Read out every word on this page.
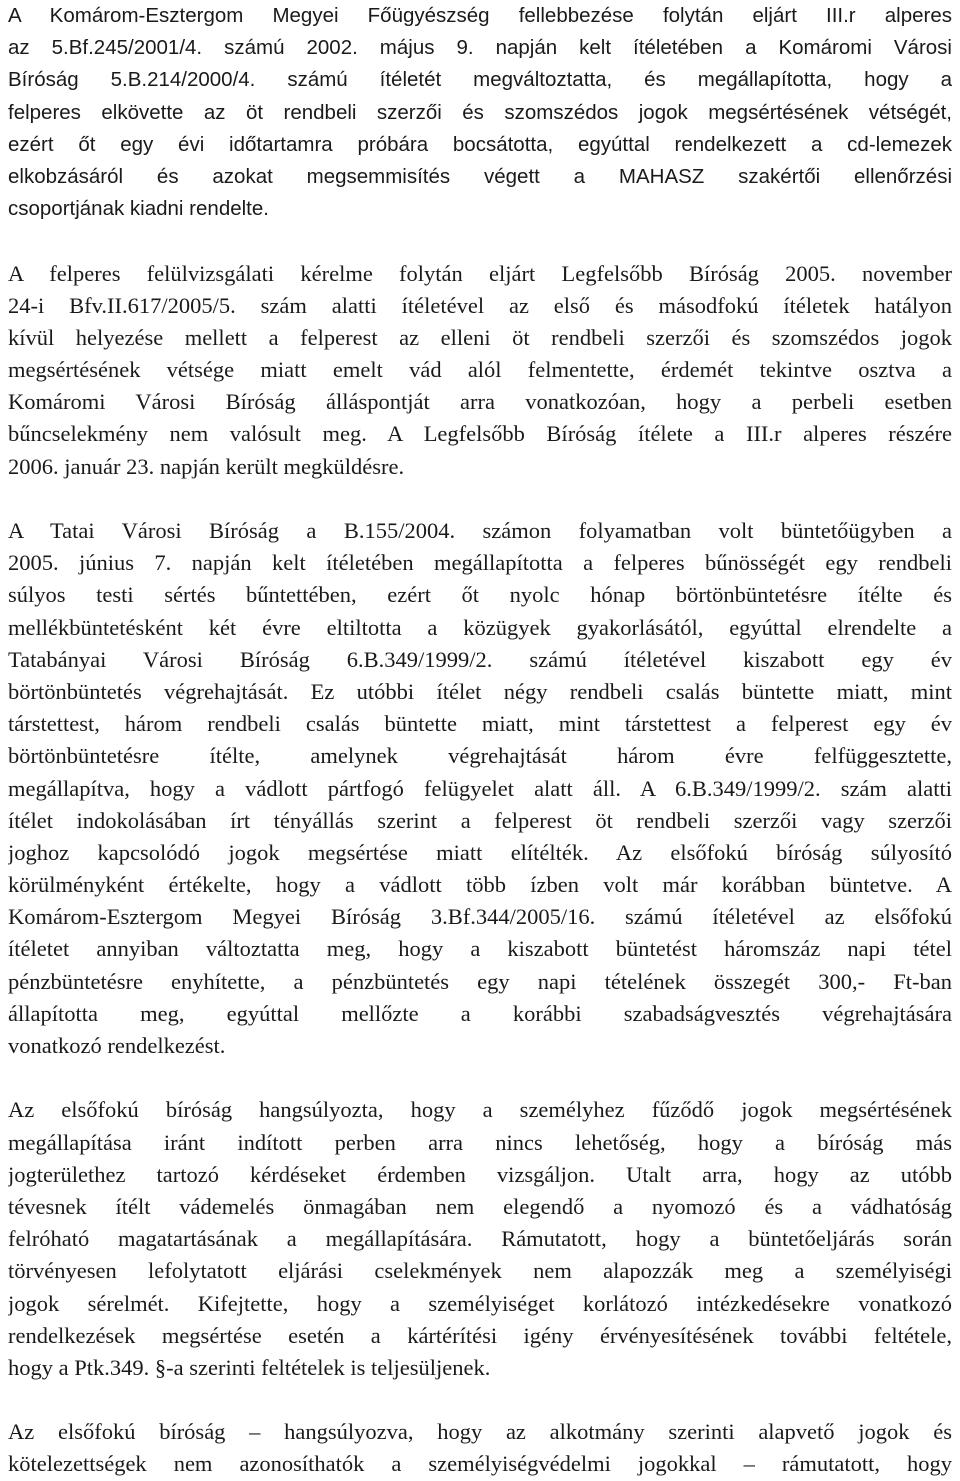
A Komárom-Esztergom Megyei Főügyészség fellebbezése folytán eljárt III.r alperes
az 5.Bf.245/2001/4. számú 2002. május 9. napján kelt ítéletében a Komáromi Városi
Bíróság 5.B.214/2000/4. számú ítéletét megváltoztatta, és megállapította, hogy a
felperes elkövette az öt rendbeli szerzői és szomszédos jogok megsértésének vétségét,
ezért őt egy évi időtartamra próbára bocsátotta, egyúttal rendelkezett a cd-lemezek
elkobzásáról és azokat megsemmisítés végett a MAHASZ szakértői ellenőrzési
csoportjának kiadni rendelte.
A felperes felülvizsgálati kérelme folytán eljárt Legfelsőbb Bíróság 2005. november
24-i Bfv.II.617/2005/5. szám alatti ítéletével az első és másodfokú ítéletek hatályon
kívül helyezése mellett a felperest az elleni öt rendbeli szerzői és szomszédos jogok
megsértésének vétsége miatt emelt vád alól felmentette, érdemét tekintve osztva a
Komáromi Városi Bíróság álláspontját arra vonatkozóan, hogy a perbeli esetben
bűncselekmény nem valósult meg. A Legfelsőbb Bíróság ítélete a III.r alperes részére
2006. január 23. napján került megküldésre.
A Tatai Városi Bíróság a B.155/2004. számon folyamatban volt büntetőügyben a
2005. június 7. napján kelt ítéletében megállapította a felperes bűnösségét egy rendbeli
súlyos testi sértés bűntettében, ezért őt nyolc hónap börtönbüntetésre ítélte és
mellékbüntetésként két évre eltiltotta a közügyek gyakorlásától, egyúttal elrendelte a
Tatabányai Városi Bíróság 6.B.349/1999/2. számú ítéletével kiszabott egy év
börtönbüntetés végrehajtását. Ez utóbbi ítélet négy rendbeli csalás büntette miatt, mint
társtettest, három rendbeli csalás büntette miatt, mint társtettest a felperest egy év
börtönbüntetésre ítélte, amelynek végrehajtását három évre felfüggesztette,
megállapítva, hogy a vádlott pártfogó felügyelet alatt áll. A 6.B.349/1999/2. szám alatti
ítélet indokolásában írt tényállás szerint a felperest öt rendbeli szerzői vagy szerzői
joghoz kapcsolódó jogok megsértése miatt elítélték. Az elsőfokú bíróság súlyosító
körülményként értékelte, hogy a vádlott több ízben volt már korábban büntetve. A
Komárom-Esztergom Megyei Bíróság 3.Bf.344/2005/16. számú ítéletével az elsőfokú
ítéletet annyiban változtatta meg, hogy a kiszabott büntetést háromszáz napi tétel
pénzbüntetésre enyhítette, a pénzbüntetés egy napi tételének összegét 300,- Ft-ban
állapította meg, egyúttal mellőzte a korábbi szabadságvesztés végrehajtására
vonatkozó rendelkezést.
Az elsőfokú bíróság hangsúlyozta, hogy a személyhez fűződő jogok megsértésének
megállapítása iránt indított perben arra nincs lehetőség, hogy a bíróság más
jogterülethez tartozó kérdéseket érdemben vizsgáljon. Utalt arra, hogy az utóbb
tévesnek ítélt vádemelés önmagában nem elegendő a nyomozó és a vádhatóság
felróható magatartásának a megállapítására. Rámutatott, hogy a büntetőeljárás során
törvényesen lefolytatott eljárási cselekmények nem alapozzák meg a személyiségi
jogok sérelmét. Kifejtette, hogy a személyiséget korlátozó intézkedésekre vonatkozó
rendelkezések megsértése esetén a kártérítési igény érvényesítésének további feltétele,
hogy a Ptk.349. §-a szerinti feltételek is teljesüljenek.
Az elsőfokú bíróság – hangsúlyozva, hogy az alkotmány szerinti alapvető jogok és
kötelezettségek nem azonosíthatók a személyiségvédelmi jogokkal – rámutatott, hogy
